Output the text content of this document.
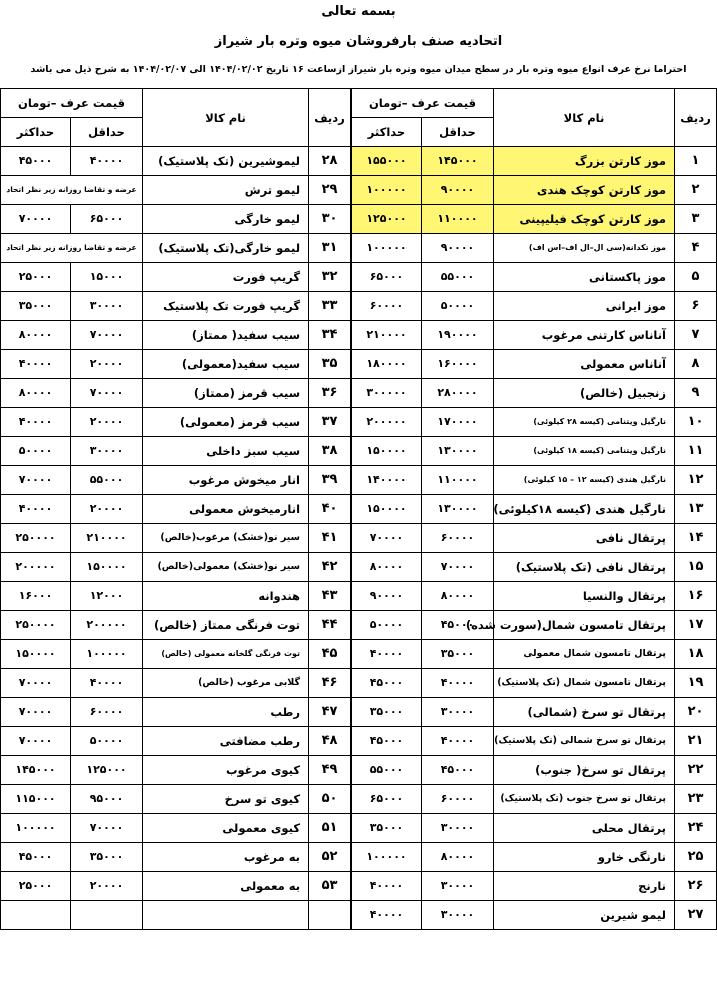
بسمه تعالی
اتحادیه صنف بارفروشان میوه وتره بار شیراز
احتراما نرخ عرف انواع میوه وتره بار در سطح میدان میوه وتره بار شیراز ازساعت ۱۶ تاریخ ۱۴۰۴/۰۲/۰۲ الی ۱۴۰۴/۰۲/۰۷ به شرح ذیل می باشد
ردیف	نام کالا	قیمت عرف –تومان	
		حداقل	حداکثر
۱	موز کارتن بزرگ	۱۴۵۰۰۰	۱۵۵۰۰۰
۲	موز کارتن کوچک هندی	۹۰۰۰۰	۱۰۰۰۰۰
۳	موز کارتن کوچک فیلیپینی	۱۱۰۰۰۰	۱۲۵۰۰۰
۴	موز تکدانه(سی ال–ال اف–اس اف)	۹۰۰۰۰	۱۰۰۰۰۰
۵	موز پاکستانی	۵۵۰۰۰	۶۵۰۰۰
۶	موز ایرانی	۵۰۰۰۰	۶۰۰۰۰
۷	آناناس کارتنی مرغوب	۱۹۰۰۰۰	۲۱۰۰۰۰
۸	آناناس معمولی	۱۶۰۰۰۰	۱۸۰۰۰۰
۹	زنجبیل (خالص)	۲۸۰۰۰۰	۳۰۰۰۰۰
۱۰	نارگیل ویتنامی (کیسه ۲۸ کیلوئی)	۱۷۰۰۰۰	۲۰۰۰۰۰
۱۱	نارگیل ویتنامی (کیسه ۱۸ کیلوئی)	۱۳۰۰۰۰	۱۵۰۰۰۰
۱۲	نارگیل هندی (کیسه ۱۲ – ۱۵ کیلوئی)	۱۱۰۰۰۰	۱۴۰۰۰۰
۱۳	نارگیل هندی (کیسه ۱۸کیلوئی)	۱۳۰۰۰۰	۱۵۰۰۰۰
۱۴	پرتقال نافی	۶۰۰۰۰	۷۰۰۰۰
۱۵	پرتقال نافی (تک پلاستیک)	۷۰۰۰۰	۸۰۰۰۰
۱۶	پرتقال والنسیا	۸۰۰۰۰	۹۰۰۰۰
۱۷	پرتقال تامسون شمال(سورت شده)	۴۵۰۰۰	۵۰۰۰۰
۱۸	پرتقال تامسون شمال معمولی	۳۵۰۰۰	۴۰۰۰۰
۱۹	پرتقال تامسون شمال (تک پلاستیک)	۴۰۰۰۰	۴۵۰۰۰
۲۰	پرتقال تو سرخ (شمالی)	۳۰۰۰۰	۳۵۰۰۰
۲۱	پرتقال تو سرخ شمالی (تک پلاستیک)	۴۰۰۰۰	۴۵۰۰۰
۲۲	پرتقال تو سرخ( جنوب)	۴۵۰۰۰	۵۵۰۰۰
۲۳	پرتقال تو سرخ جنوب (تک پلاستیک)	۶۰۰۰۰	۶۵۰۰۰
۲۴	پرتقال محلی	۳۰۰۰۰	۳۵۰۰۰
۲۵	نارنگی خارو	۸۰۰۰۰	۱۰۰۰۰۰
۲۶	نارنج	۳۰۰۰۰	۴۰۰۰۰
۲۷	لیمو شیرین	۳۰۰۰۰	۴۰۰۰۰
ردیف	نام کالا	قیمت عرف –تومان	
		حداقل	حداکثر
۲۸	لیموشیرین (تک پلاستیک)	۴۰۰۰۰	۴۵۰۰۰
۲۹	لیمو ترش	عرضه و تقاضا روزانه زیر نظر اتحاد	
۳۰	لیمو خارگی	۶۵۰۰۰	۷۰۰۰۰
۳۱	لیمو خارگی(تک پلاستیک)	عرضه و تقاضا روزانه زیر نظر اتحاد	
۳۲	گریپ فورت	۱۵۰۰۰	۲۵۰۰۰
۳۳	گریپ فورت تک پلاستیک	۳۰۰۰۰	۳۵۰۰۰
۳۴	سیب سفید( ممتاز)	۷۰۰۰۰	۸۰۰۰۰
۳۵	سیب سفید(معمولی)	۲۰۰۰۰	۴۰۰۰۰
۳۶	سیب قرمز (ممتاز)	۷۰۰۰۰	۸۰۰۰۰
۳۷	سیب قرمز (معمولی)	۲۰۰۰۰	۴۰۰۰۰
۳۸	سیب سبز داخلی	۳۰۰۰۰	۵۰۰۰۰
۳۹	انار میخوش مرغوب	۵۵۰۰۰	۷۰۰۰۰
۴۰	انارمیخوش معمولی	۲۰۰۰۰	۴۰۰۰۰
۴۱	سیر نو(خشک) مرغوب(خالص)	۲۱۰۰۰۰	۲۵۰۰۰۰
۴۲	سیر نو(خشک) معمولی(خالص)	۱۵۰۰۰۰	۲۰۰۰۰۰
۴۳	هندوانه	۱۲۰۰۰	۱۶۰۰۰
۴۴	توت فرنگی ممتاز (خالص)	۲۰۰۰۰۰	۲۵۰۰۰۰
۴۵	توت فرنگی گلخانه معمولی (خالص)	۱۰۰۰۰۰	۱۵۰۰۰۰
۴۶	گلابی مرغوب (خالص)	۴۰۰۰۰	۷۰۰۰۰
۴۷	رطب	۶۰۰۰۰	۷۰۰۰۰
۴۸	رطب مضافتی	۵۰۰۰۰	۷۰۰۰۰
۴۹	کیوی مرغوب	۱۲۵۰۰۰	۱۴۵۰۰۰
۵۰	کیوی تو سرخ	۹۵۰۰۰	۱۱۵۰۰۰
۵۱	کیوی معمولی	۷۰۰۰۰	۱۰۰۰۰۰
۵۲	به مرغوب	۳۵۰۰۰	۴۵۰۰۰
۵۳	به معمولی	۲۰۰۰۰	۲۵۰۰۰
